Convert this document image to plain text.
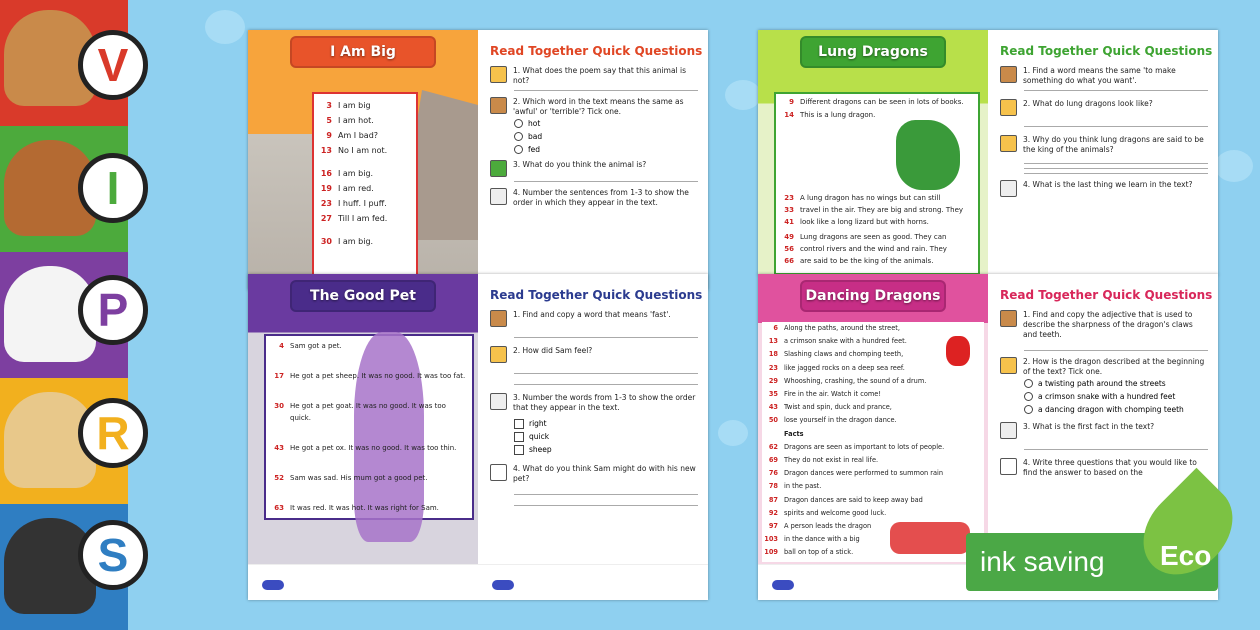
V
I
P
R
S
I Am Big
3 I am big
5 I am hot.
9 Am I bad?
13 No I am not.
16 I am big.
19 I am red.
23 I huff. I puff.
27 Till I am fed.
30 I am big.
Read Together Quick Questions
1. What does the poem say that this animal is not?
2. Which word in the text means the same as 'awful' or 'terrible'? Tick one.
hot
bad
fed
3. What do you think the animal is?
4. Number the sentences from 1-3 to show the order in which they appear in the text.
Lung Dragons
9 Different dragons can be seen in lots of books.
14 This is a lung dragon.
23 A lung dragon has no wings but can still
33 travel in the air. They are big and strong. They
41 look like a long lizard but with horns.
49 Lung dragons are seen as good. They can
56 control rivers and the wind and rain. They
66 are said to be the king of the animals.
Read Together Quick Questions
1. Find a word means the same 'to make something do what you want'.
2. What do lung dragons look like?
3. Why do you think lung dragons are said to be the king of the animals?
4. What is the last thing we learn in the text?
The Good Pet
4 Sam got a pet.
17 He got a pet sheep. It was no good. It was too fat.
30 He got a pet goat. It was no good. It was too quick.
43 He got a pet ox. It was no good. It was too thin.
52 Sam was sad. His mum got a good pet.
63 It was red. It was hot. It was right for Sam.
Read Together Quick Questions
1. Find and copy a word that means 'fast'.
2. How did Sam feel?
3. Number the words from 1-3 to show the order that they appear in the text.
right
quick
sheep
4. What do you think Sam might do with his new pet?
Dancing Dragons
6 Along the paths, around the street,
13 a crimson snake with a hundred feet.
18 Slashing claws and chomping teeth,
23 like jagged rocks on a deep sea reef.
29 Whooshing, crashing, the sound of a drum.
35 Fire in the air. Watch it come!
43 Twist and spin, duck and prance,
50 lose yourself in the dragon dance.
Facts
62 Dragons are seen as important to lots of people.
69 They do not exist in real life.
76 Dragon dances were performed to summon rain
78 in the past.
87 Dragon dances are said to keep away bad
92 spirits and welcome good luck.
97 A person leads the dragon
103 in the dance with a big
109 ball on top of a stick.
Read Together Quick Questions
1. Find and copy the adjective that is used to describe the sharpness of the dragon's claws and teeth.
2. How is the dragon described at the beginning of the text? Tick one.
a twisting path around the streets
a crimson snake with a hundred feet
a dancing dragon with chomping teeth
3. What is the first fact in the text?
4. Write three questions that you would like to find the answer to based on the
ink saving Eco
